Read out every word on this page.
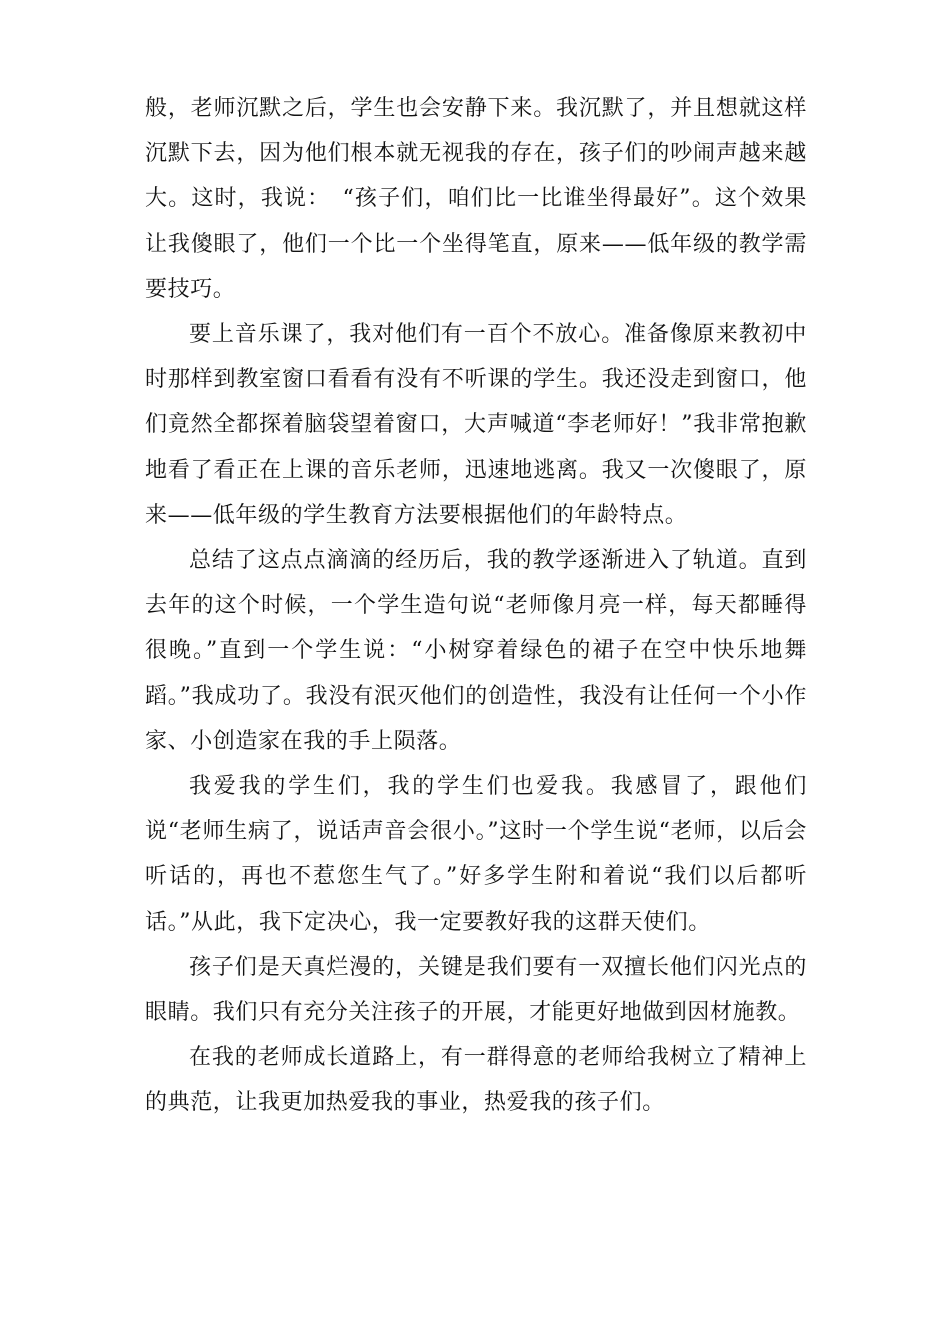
般，老师沉默之后，学生也会安静下来。我沉默了，并且想就这样沉默下去，因为他们根本就无视我的存在，孩子们的吵闹声越来越大。这时，我说：　“孩子们，咱们比一比谁坐得最好”。这个效果让我傻眼了，他们一个比一个坐得笔直，原来——低年级的教学需要技巧。

要上音乐课了，我对他们有一百个不放心。准备像原来教初中时那样到教室窗口看看有没有不听课的学生。我还没走到窗口，他们竟然全都探着脑袋望着窗口，大声喊道“李老师好！”我非常抱歉地看了看正在上课的音乐老师，迅速地逃离。我又一次傻眼了，原来——低年级的学生教育方法要根据他们的年龄特点。

总结了这点点滴滴的经历后，我的教学逐渐进入了轨道。直到去年的这个时候，一个学生造句说“老师像月亮一样，每天都睡得很晚。”直到一个学生说：“小树穿着绿色的裙子在空中快乐地舞蹈。”我成功了。我没有泯灭他们的创造性，我没有让任何一个小作家、小创造家在我的手上陨落。

我爱我的学生们，我的学生们也爱我。我感冒了，跟他们说“老师生病了，说话声音会很小。”这时一个学生说“老师，以后会听话的，再也不惹您生气了。”好多学生附和着说“我们以后都听话。”从此，我下定决心，我一定要教好我的这群天使们。

孩子们是天真烂漫的，关键是我们要有一双擅长他们闪光点的眼睛。我们只有充分关注孩子的开展，才能更好地做到因材施教。

在我的老师成长道路上，有一群得意的老师给我树立了精神上的典范，让我更加热爱我的事业，热爱我的孩子们。
